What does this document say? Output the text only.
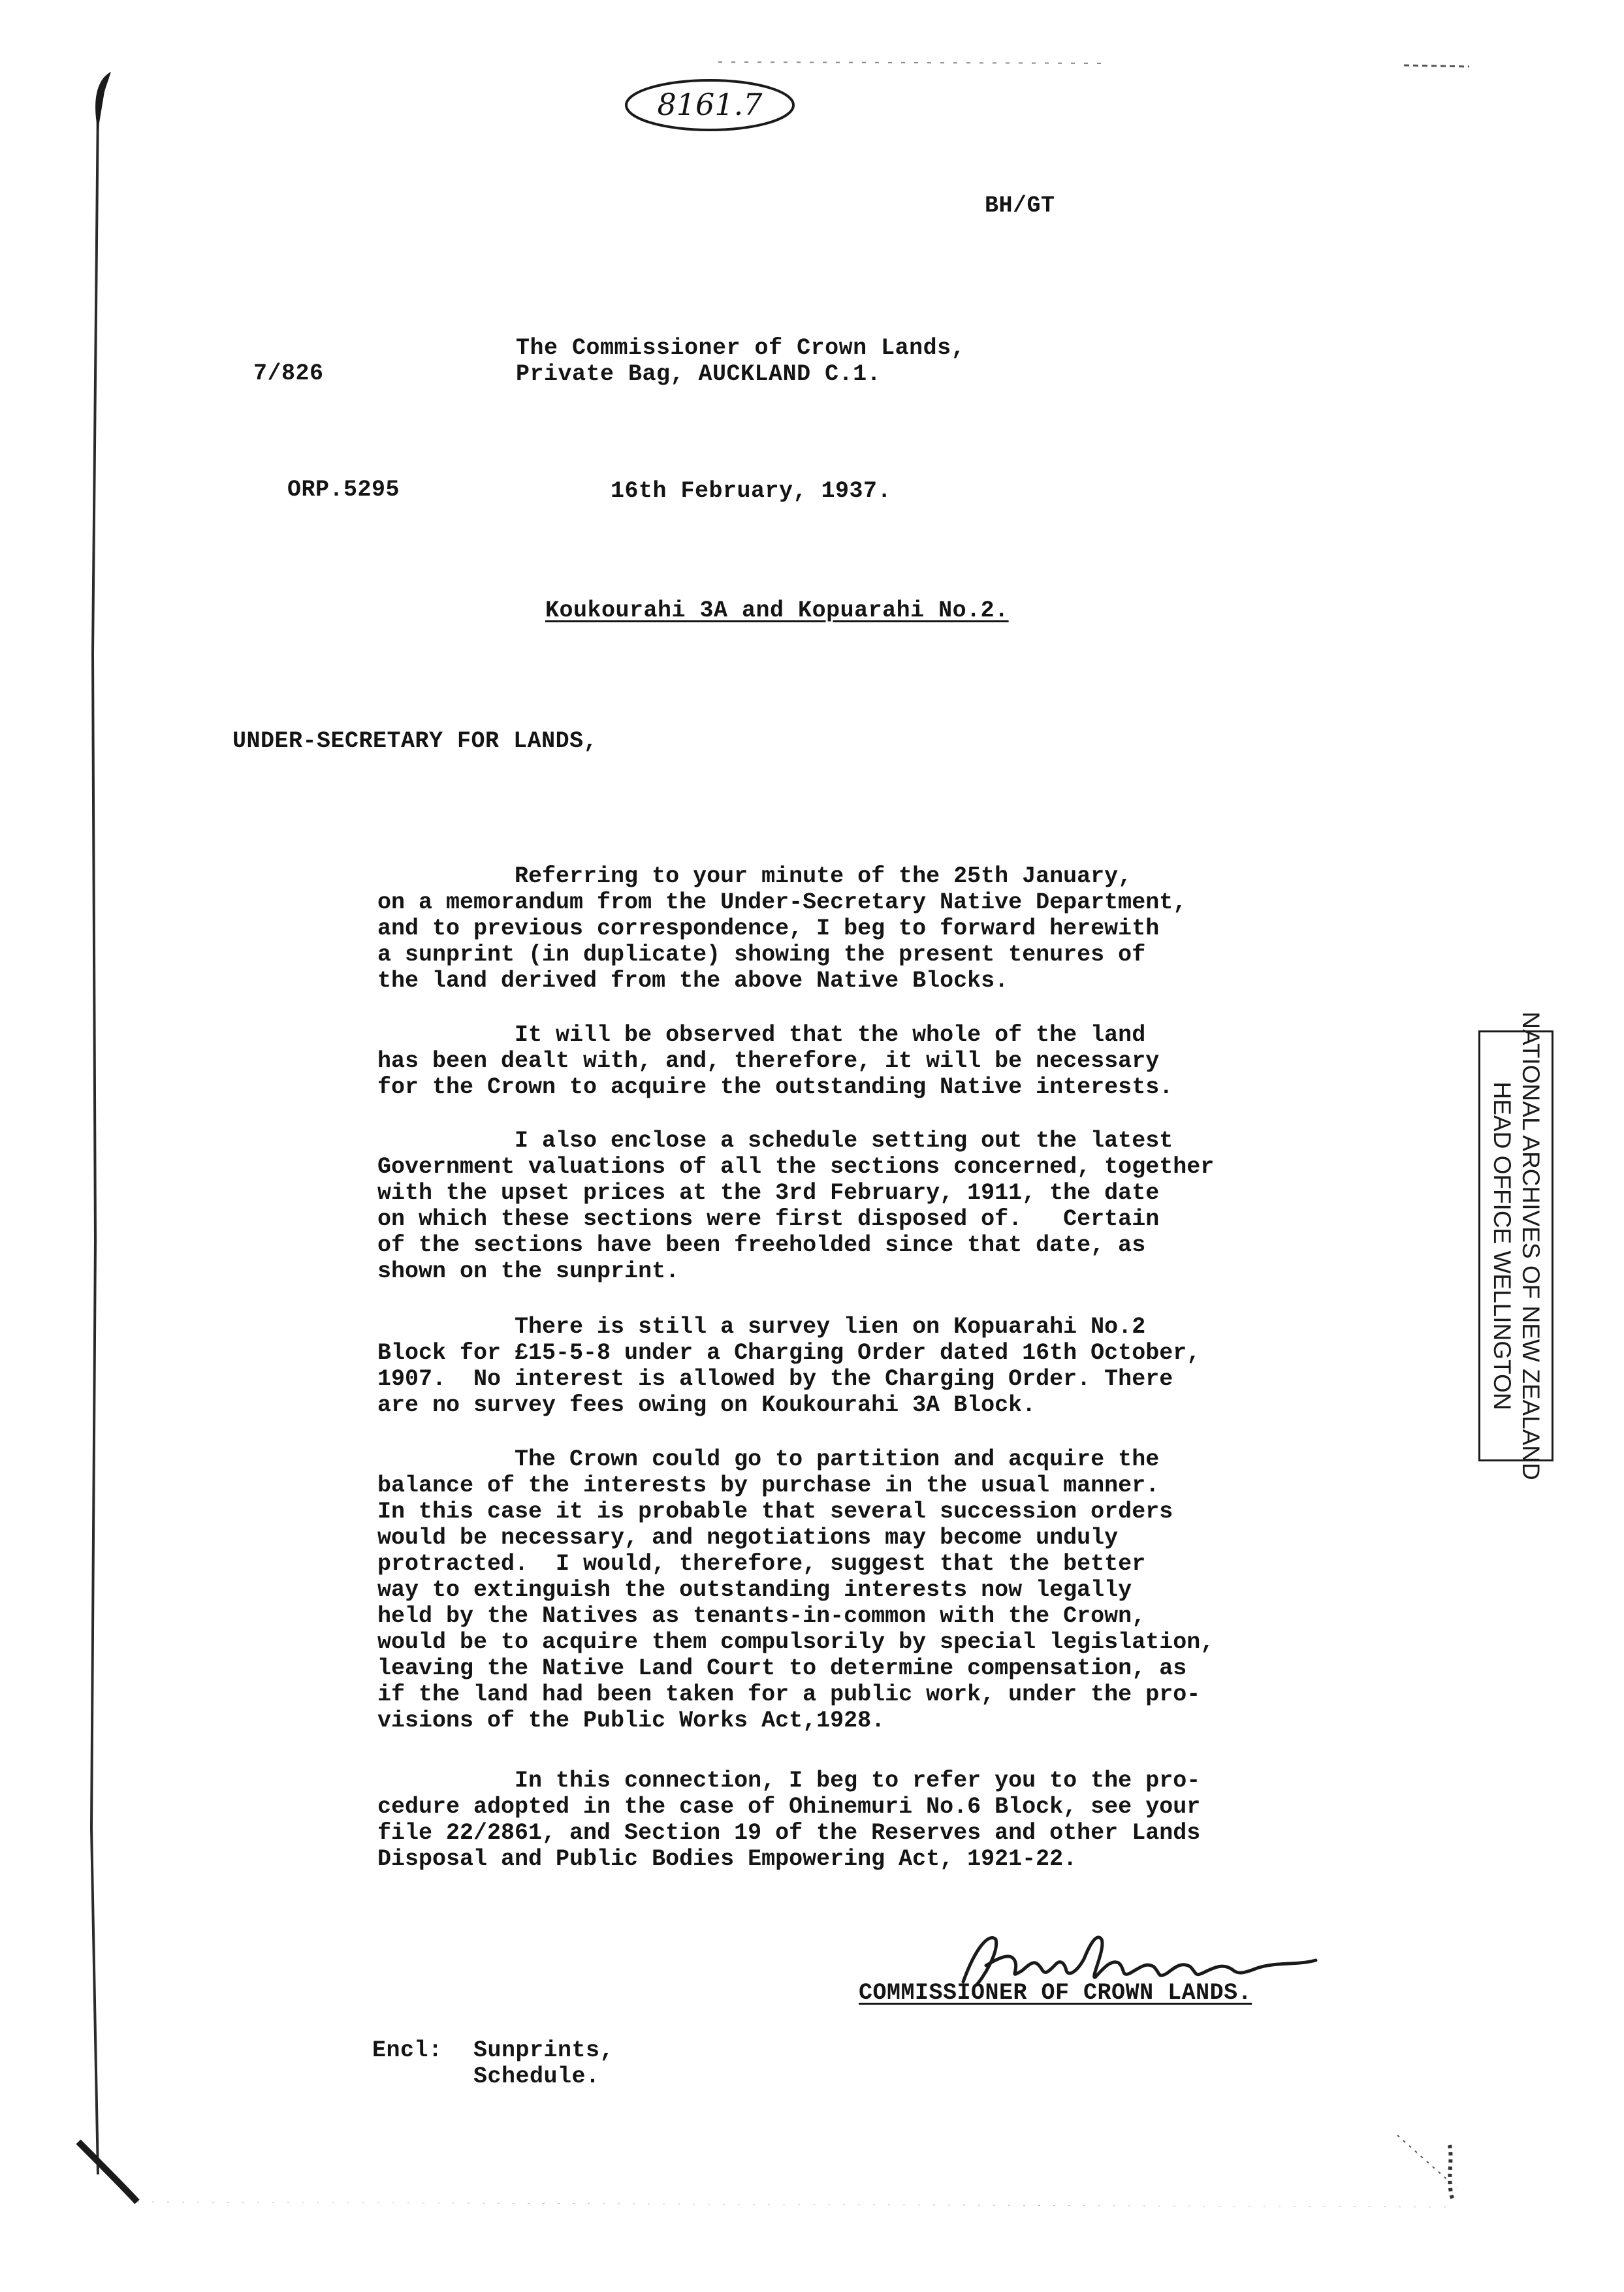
8161.7
BH/GT
7/826
The Commissioner of Crown Lands,
Private Bag, AUCKLAND C.1.
ORP.5295	16th February, 1937.
Koukourahi 3A and Kopuarahi No.2.
UNDER-SECRETARY FOR LANDS,
Referring to your minute of the 25th January,
on a memorandum from the Under-Secretary Native Department,
and to previous correspondence, I beg to forward herewith
a sunprint (in duplicate) showing the present tenures of
the land derived from the above Native Blocks.
It will be observed that the whole of the land
has been dealt with, and, therefore, it will be necessary
for the Crown to acquire the outstanding Native interests.
I also enclose a schedule setting out the latest
Government valuations of all the sections concerned, together
with the upset prices at the 3rd February, 1911, the date
on which these sections were first disposed of.   Certain
of the sections have been freeholded since that date, as
shown on the sunprint.
There is still a survey lien on Kopuarahi No.2
Block for £15-5-8 under a Charging Order dated 16th October,
1907.  No interest is allowed by the Charging Order. There
are no survey fees owing on Koukourahi 3A Block.
The Crown could go to partition and acquire the
balance of the interests by purchase in the usual manner.
In this case it is probable that several succession orders
would be necessary, and negotiations may become unduly
protracted.  I would, therefore, suggest that the better
way to extinguish the outstanding interests now legally
held by the Natives as tenants-in-common with the Crown,
would be to acquire them compulsorily by special legislation,
leaving the Native Land Court to determine compensation, as
if the land had been taken for a public work, under the pro-
visions of the Public Works Act,1928.
In this connection, I beg to refer you to the pro-
cedure adopted in the case of Ohinemuri No.6 Block, see your
file 22/2861, and Section 19 of the Reserves and other Lands
Disposal and Public Bodies Empowering Act, 1921-22.
COMMISSIONER OF CROWN LANDS.
Encl: Sunprints,
Schedule.
NATIONAL ARCHIVES OF NEW ZEALAND
HEAD OFFICE WELLINGTON
